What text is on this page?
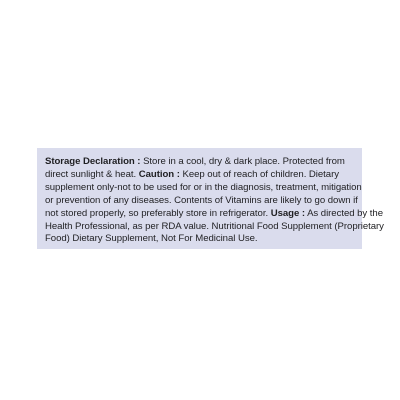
Storage Declaration : Store in a cool, dry & dark place. Protected from
direct sunlight & heat. Caution : Keep out of reach of children. Dietary
supplement only-not to be used for or in the diagnosis, treatment, mitigation
or prevention of any diseases. Contents of Vitamins are likely to go down if
not stored properly, so preferably store in refrigerator. Usage : As directed by the
Health Professional, as per RDA value. Nutritional Food Supplement (Proprietary
Food) Dietary Supplement, Not For Medicinal Use.
